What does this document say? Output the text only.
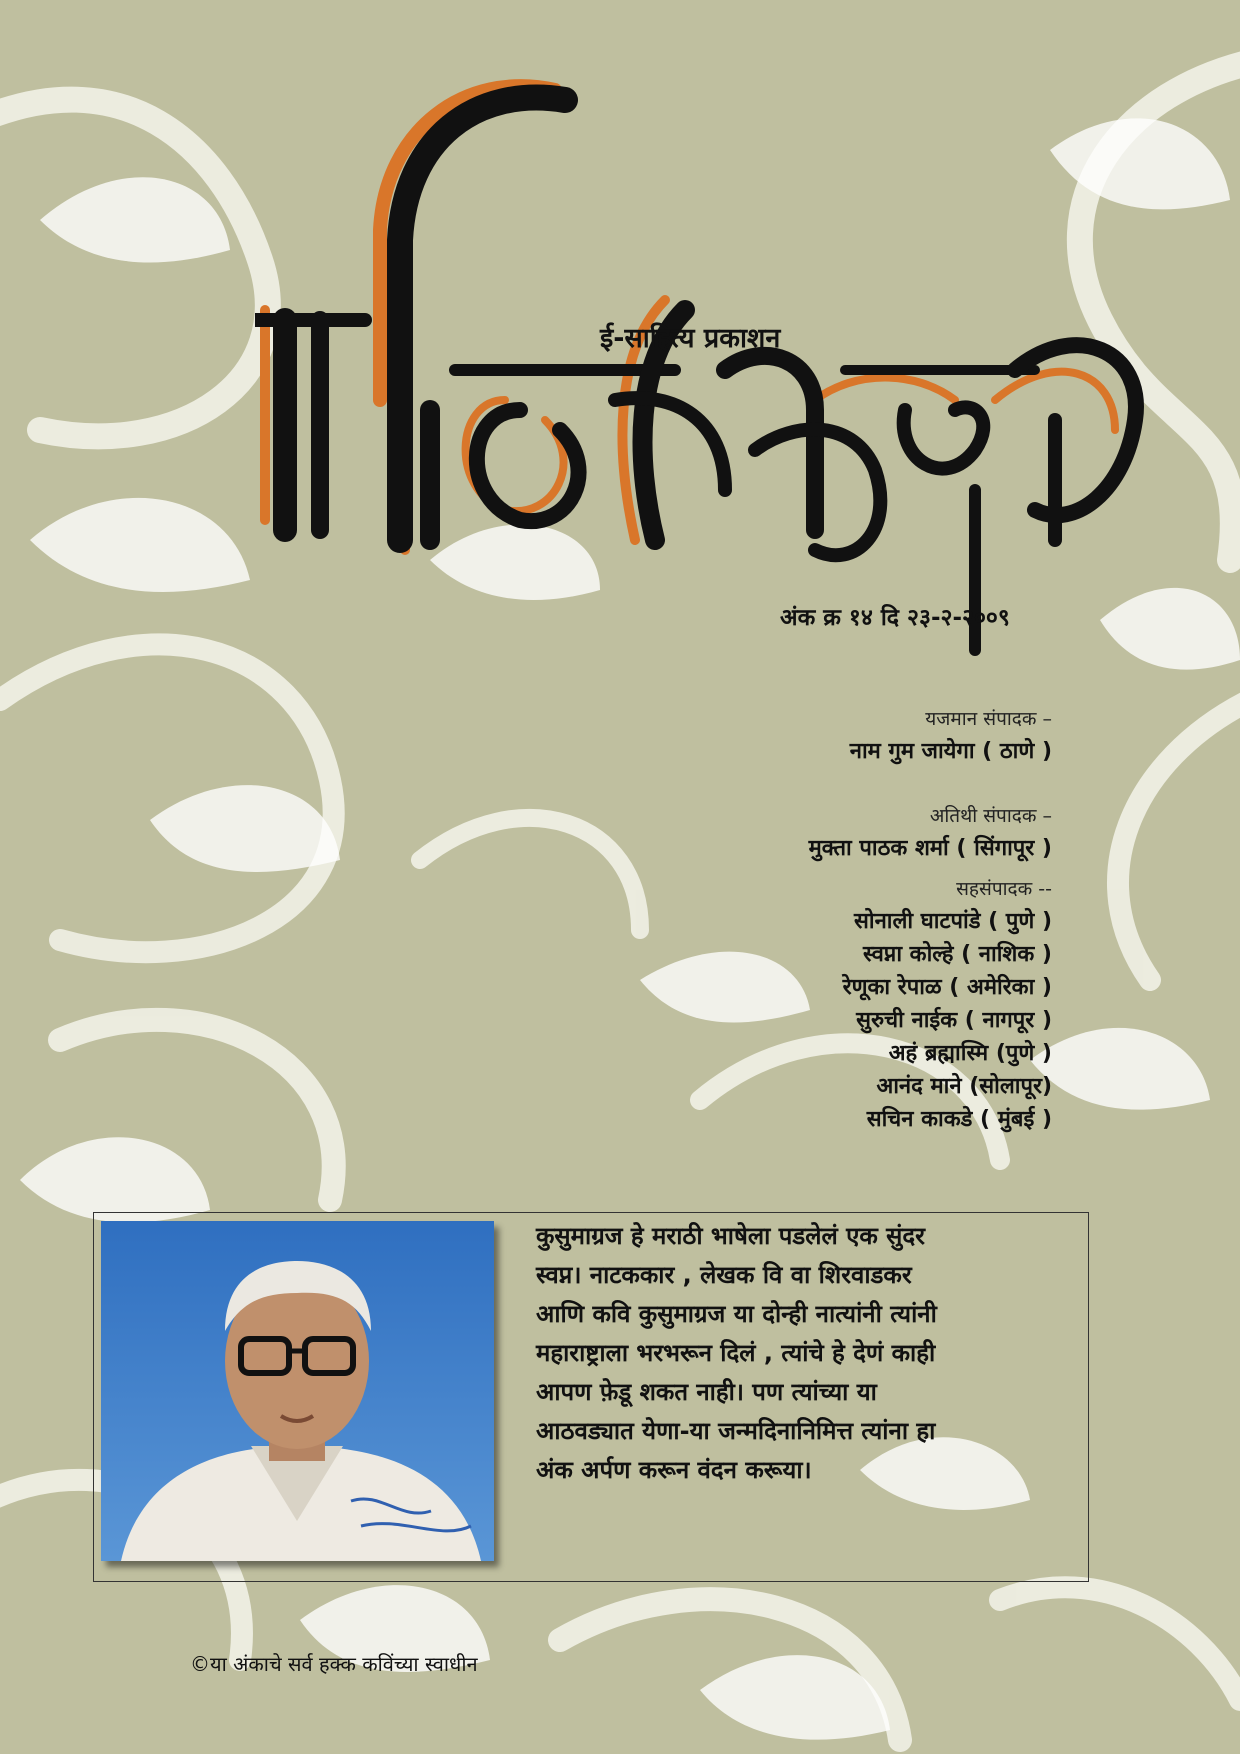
ई-साहित्य प्रकाशन
अंक क्र १४ दि २३-२-२००९
यजमान संपादक –
नाम गुम जायेगा ( ठाणे )
अतिथी संपादक –
मुक्ता पाठक शर्मा ( सिंगापूर )
सहसंपादक --
सोनाली घाटपांडे ( पुणे )
स्वप्ना कोल्हे ( नाशिक )
रेणूका रेपाळ ( अमेरिका )
सुरुची नाईक ( नागपूर )
अहं ब्रह्मास्मि (पुणे )
आनंद माने (सोलापूर)
सचिन काकडे ( मुंबई )
कुसुमाग्रज हे मराठी भाषेला पडलेलं एक सुंदर
स्वप्न। नाटककार , लेखक वि वा शिरवाडकर
आणि कवि कुसुमाग्रज या दोन्ही नात्यांनी त्यांनी
महाराष्ट्राला भरभरून दिलं , त्यांचे हे देणं काही
आपण फ़ेडू शकत नाही। पण त्यांच्या या
आठवड्यात येणा-या जन्मदिनानिमित्त त्यांना हा
अंक अर्पण करून वंदन करूया।
©या अंकाचे सर्व हक्क कविंच्या स्वाधीन
